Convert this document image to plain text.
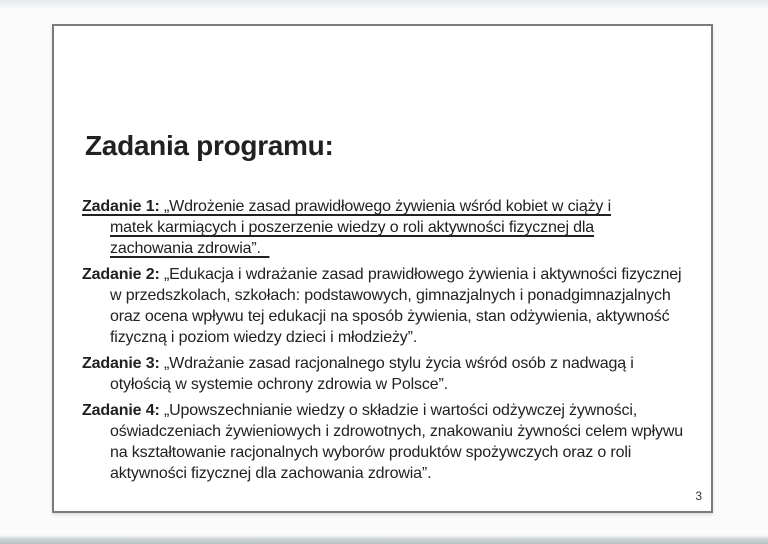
Zadania programu:
Zadanie 1: „Wdrożenie zasad prawidłowego żywienia wśród kobiet w ciąży i
matek karmiących i poszerzenie wiedzy o roli aktywności fizycznej dla
zachowania zdrowia”.
Zadanie 2: „Edukacja i wdrażanie zasad prawidłowego żywienia i aktywności fizycznej
w przedszkolach, szkołach: podstawowych, gimnazjalnych i ponadgimnazjalnych
oraz ocena wpływu tej edukacji na sposób żywienia, stan odżywienia, aktywność
fizyczną i poziom wiedzy dzieci i młodzieży”.
Zadanie 3: „Wdrażanie zasad racjonalnego stylu życia wśród osób z nadwagą i
otyłością w systemie ochrony zdrowia w Polsce”.
Zadanie 4: „Upowszechnianie wiedzy o składzie i wartości odżywczej żywności,
oświadczeniach żywieniowych i zdrowotnych, znakowaniu żywności celem wpływu
na kształtowanie racjonalnych wyborów produktów spożywczych oraz o roli
aktywności fizycznej dla zachowania zdrowia”.
3
